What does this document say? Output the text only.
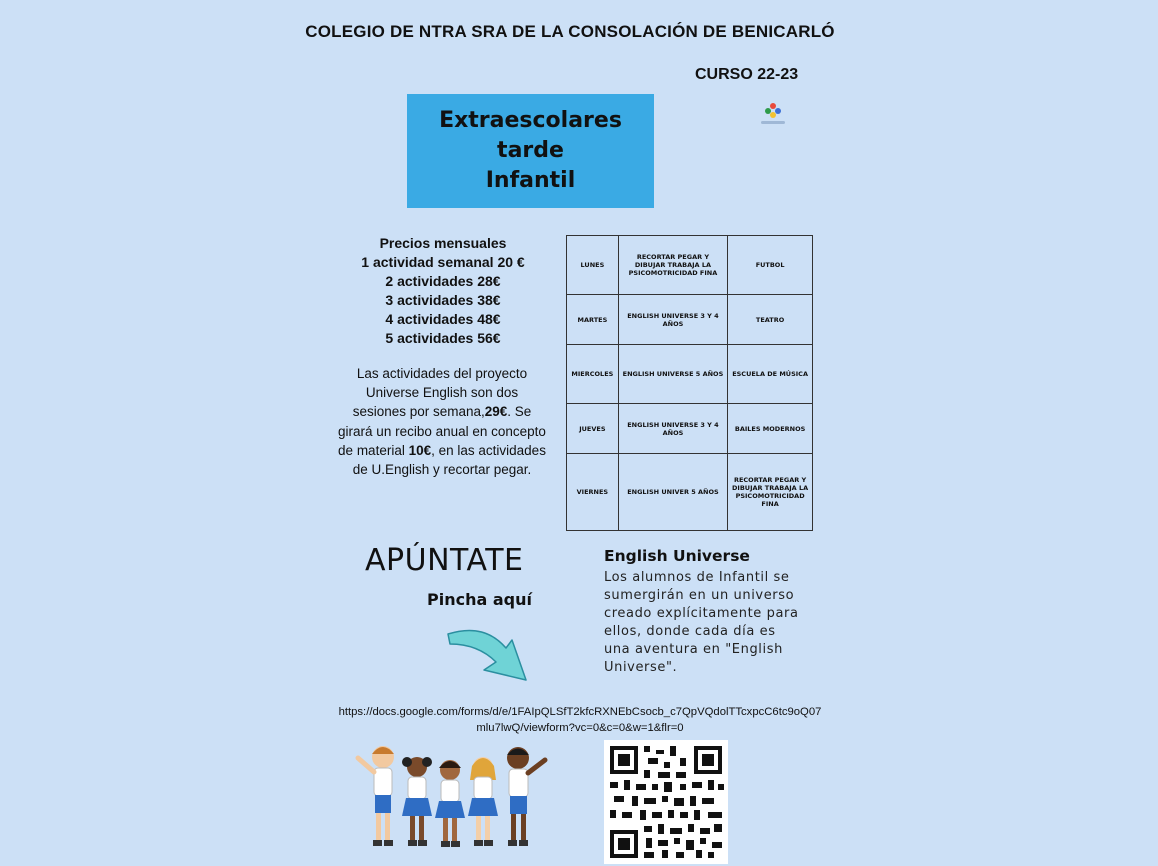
COLEGIO DE NTRA SRA DE LA CONSOLACIÓN DE BENICARLÓ
CURSO 22-23
Extraescolares
tarde
Infantil
Precios mensuales
1 actividad semanal 20 €
2 actividades 28€
3 actividades 38€
4 actividades 48€
5 actividades 56€
Las actividades del proyecto Universe English son dos sesiones por semana,29€. Se girará un recibo anual en concepto de material 10€, en las actividades de U.English y recortar pegar.
LUNES	RECORTAR PEGAR Y DIBUJAR TRABAJA LA PSICOMOTRICIDAD FINA	FUTBOL
MARTES	ENGLISH UNIVERSE 3 Y 4 AÑOS	TEATRO
MIERCOLES	ENGLISH UNIVERSE 5 AÑOS	ESCUELA DE MÚSICA
JUEVES	ENGLISH UNIVERSE 3 Y 4 AÑOS	BAILES MODERNOS
VIERNES	ENGLISH UNIVER 5 AÑOS	RECORTAR PEGAR Y DIBUJAR TRABAJA LA PSICOMOTRICIDAD FINA
APÚNTATE
Pincha aquí
English Universe
Los alumnos de Infantil se sumergirán en un universo creado explícitamente para ellos, donde cada día es una aventura en "English Universe".
https://docs.google.com/forms/d/e/1FAIpQLSfT2kfcRXNEbCsocb_c7QpVQdolTTcxpcC6tc9oQ07mlu7lwQ/viewform?vc=0&c=0&w=1&flr=0
